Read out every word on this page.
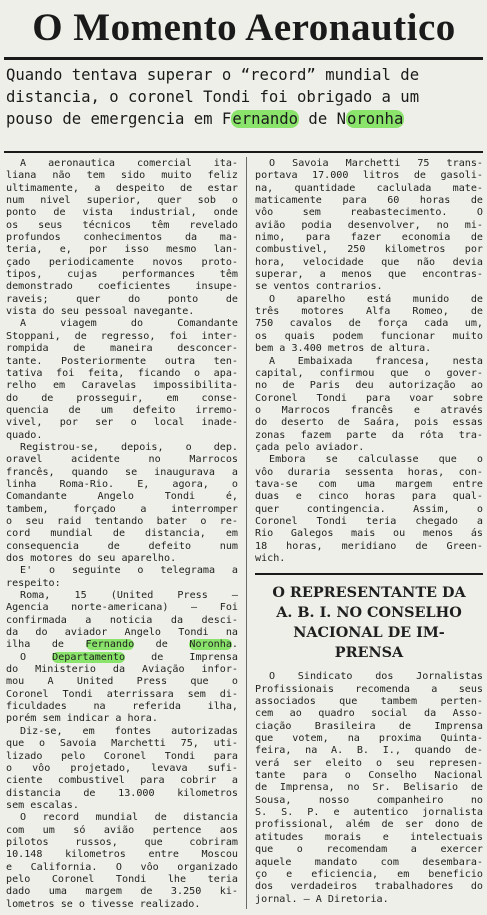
O Momento Aeronautico
Quando tentava superar o “record” mundial de
distancia, o coronel Tondi foi obrigado a um
pouso de emergencia em Fernando de Noronha
A aeronautica comercial ita-
liana não tem sido muito feliz
ultimamente, a despeito de estar
num nivel superior, quer sob o
ponto de vista industrial, onde
os seus técnicos têm revelado
profundos conhecimentos da ma-
teria, e, por isso mesmo lan-
çado periodicamente novos proto-
tipos, cujas performances têm
demonstrado coeficientes insupe-
raveis; quer do ponto de
vista do seu pessoal navegante.
A viagem do Comandante
Stoppani, de regresso, foi inter-
rompida de maneira desconcer-
tante. Posteriormente outra ten-
tativa foi feita, ficando o apa-
relho em Caravelas impossibilita-
do de prosseguir, em conse-
quencia de um defeito irremo-
vivel, por ser o local inade-
quado.
Registrou-se, depois, o dep.
oravel acidente no Marrocos
francês, quando se inaugurava a
linha Roma-Rio. E, agora, o
Comandante Angelo Tondi é,
tambem, forçado a interromper
o seu raid tentando bater o re-
cord mundial de distancia, em
consequencia de defeito num
dos motores do seu aparelho.
E' o seguinte o telegrama a
respeito:
Roma, 15 (United Press —
Agencia norte-americana) — Foi
confirmada a noticia da desci-
da do aviador Angelo Tondi na
ilha de Fernando de Noronha.
O Departamento de Imprensa
do Ministerio da Aviação infor-
mou A United Press que o
Coronel Tondi aterrissara sem di-
ficuldades na referida ilha,
porém sem indicar a hora.
Diz-se, em fontes autorizadas
que o Savoia Marchetti 75, uti-
lizado pelo Coronel Tondi para
o vôo projetado, levava sufi-
ciente combustivel para cobrir a
distancia de 13.000 kilometros
sem escalas.
O record mundial de distancia
com um só avião pertence aos
pilotos russos, que cobriram
10.148 kilometros entre Moscou
e California. O vôo organizado
pelo Coronel Tondi lhe teria
dado uma margem de 3.250 ki-
lometros se o tivesse realizado.
O Savoia Marchetti 75 trans-
portava 17.000 litros de gasoli-
na, quantidade caclulada mate-
maticamente para 60 horas de
vôo sem reabastecimento. O
avião podia desenvolver, no mi-
nimo, para fazer economia de
combustivel, 250 kilometros por
hora, velocidade que não devia
superar, a menos que encontras-
se ventos contrarios.
O aparelho está munido de
três motores Alfa Romeo, de
750 cavalos de força cada um,
os quais podem funcionar muito
bem a 3.400 metros de altura.
A Embaixada francesa, nesta
capital, confirmou que o gover-
no de Paris deu autorização ao
Coronel Tondi para voar sobre
o Marrocos francês e através
do deserto de Saára, pois essas
zonas fazem parte da róta tra-
çada pelo aviador.
Embora se calculasse que o
vôo duraria sessenta horas, con-
tava-se com uma margem entre
duas e cinco horas para qual-
quer contingencia. Assim, o
Coronel Tondi teria chegado a
Rio Galegos mais ou menos ás
18 horas, meridiano de Green-
wich.
O REPRESENTANTE DA
A. B. I. NO CONSELHO
NACIONAL DE IM-
PRENSA
O Sindicato dos Jornalistas
Profissionais recomenda a seus
associados que tambem perten-
cem ao quadro social da Asso-
ciação Brasileira de Imprensa
que votem, na proxima Quinta-
feira, na A. B. I., quando de-
verá ser eleito o seu represen-
tante para o Conselho Nacional
de Imprensa, no Sr. Belisario de
Sousa, nosso companheiro no
S. S. P. e autentico jornalista
profissional, além de ser dono de
atitudes morais e intelectuais
que o recomendam a exercer
aquele mandato com desembara-
ço e eficiencia, em beneficio
dos verdadeiros trabalhadores do
jornal. — A Diretoria.
